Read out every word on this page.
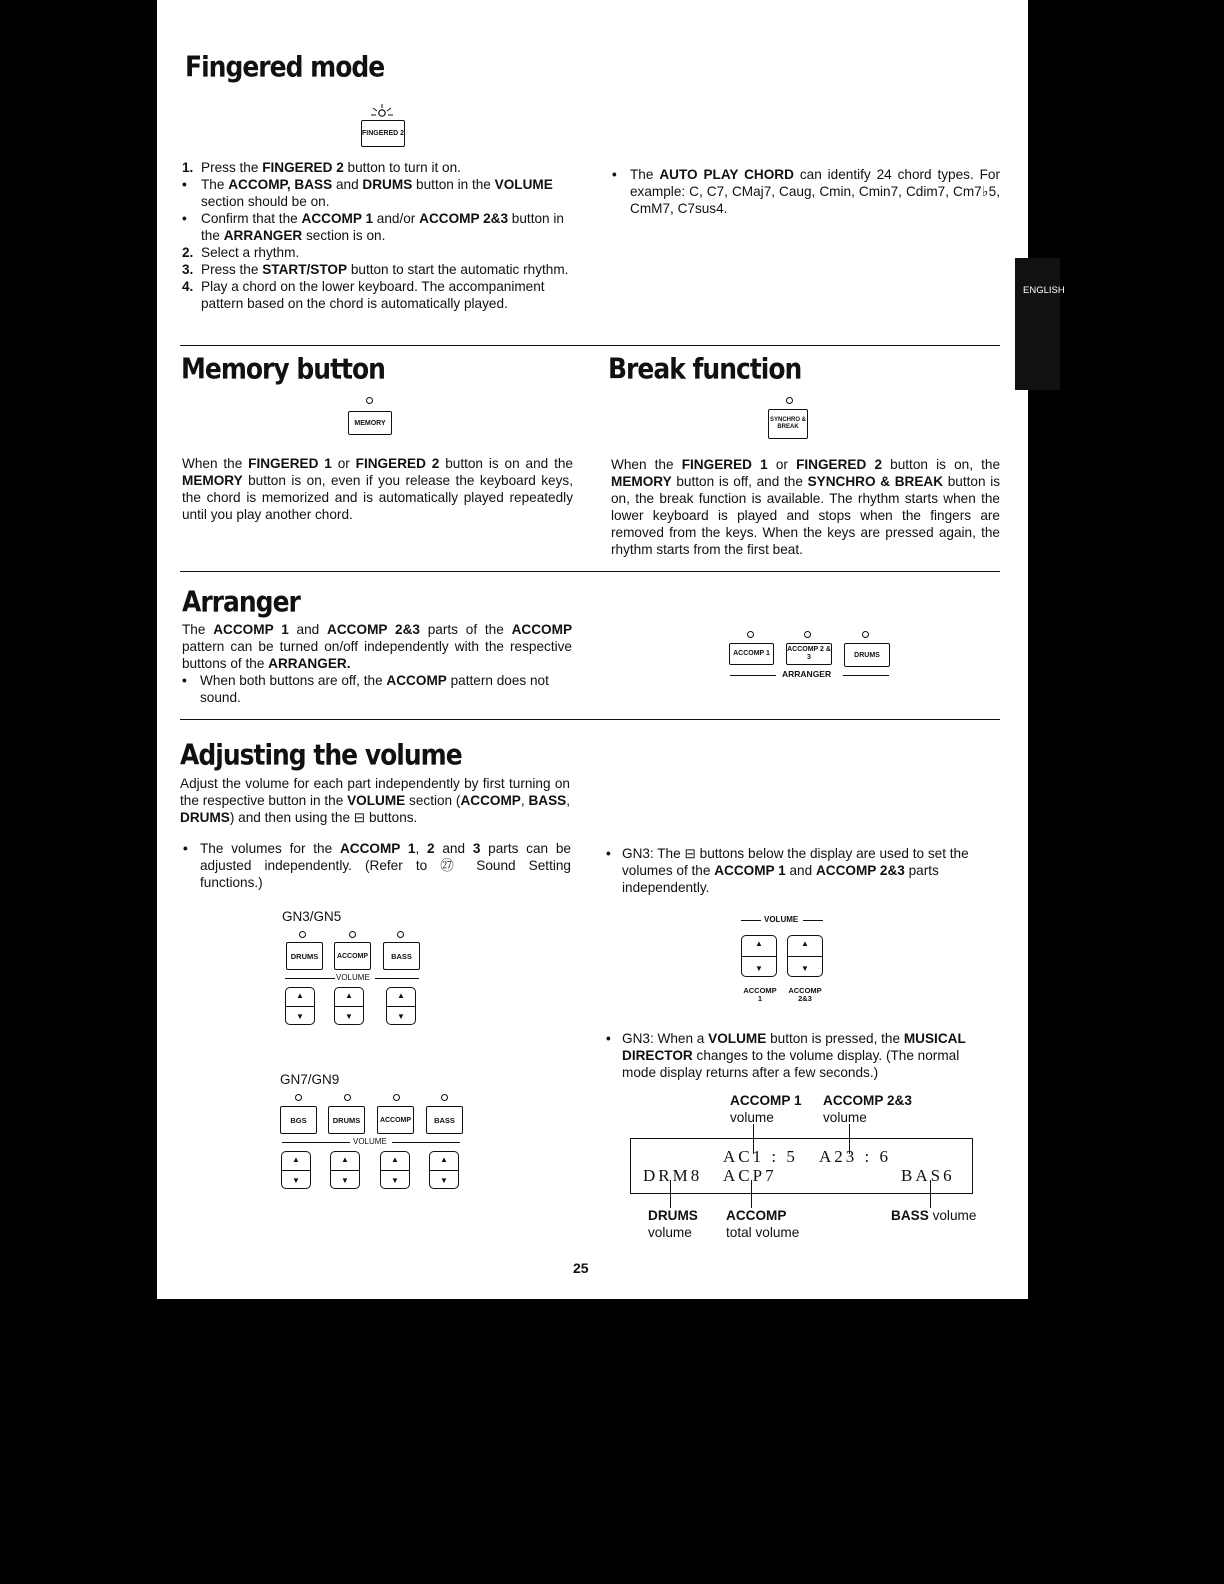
ENGLISH
Fingered mode
FINGERED 2
1. Press the FINGERED 2 button to turn it on.
• The ACCOMP, BASS and DRUMS button in the VOLUME section should be on.
• Confirm that the ACCOMP 1 and/or ACCOMP 2&3 button in the ARRANGER section is on.
2. Select a rhythm.
3. Press the START/STOP button to start the automatic rhythm.
4. Play a chord on the lower keyboard. The accompaniment pattern based on the chord is automatically played.
• The AUTO PLAY CHORD can identify 24 chord types. For example: C, C7, CMaj7, Caug, Cmin, Cmin7, Cdim7, Cm7♭5, CmM7, C7sus4.
Memory button
MEMORY
When the FINGERED 1 or FINGERED 2 button is on and the MEMORY button is on, even if you release the keyboard keys, the chord is memorized and is automatically played repeatedly until you play another chord.
Break function
SYNCHRO & BREAK
When the FINGERED 1 or FINGERED 2 button is on, the MEMORY button is off, and the SYNCHRO & BREAK button is on, the break function is available. The rhythm starts when the lower keyboard is played and stops when the fingers are removed from the keys. When the keys are pressed again, the rhythm starts from the first beat.
Arranger
The ACCOMP 1 and ACCOMP 2&3 parts of the ACCOMP pattern can be turned on/off independently with the respective buttons of the ARRANGER.
• When both buttons are off, the ACCOMP pattern does not sound.
ACCOMP 1
ACCOMP 2 & 3	DRUMS
ARRANGER
Adjusting the volume
Adjust the volume for each part independently by first turning on the respective button in the VOLUME section (ACCOMP, BASS, DRUMS) and then using the ⊟ buttons.
• The volumes for the ACCOMP 1, 2 and 3 parts can be adjusted independently. (Refer to ㉗ Sound Setting functions.)
GN3/GN5
DRUMS	ACCOMP	BASS
VOLUME
▲
▼
▲
▼
▲
▼
GN7/GN9
BGS	DRUMS	ACCOMP	BASS
VOLUME
▲
▼
▲
▼
▲
▼
▲
▼
• GN3: The ⊟ buttons below the display are used to set the volumes of the ACCOMP 1 and ACCOMP 2&3 parts independently.
VOLUME
▲
▼
▲
▼
ACCOMP 1
ACCOMP 2&3
• GN3: When a VOLUME button is pressed, the MUSICAL DIRECTOR changes to the volume display. (The normal mode display returns after a few seconds.)
ACCOMP 1
volume
ACCOMP 2&3
volume
AC1 : 5 A23 : 6
DRM8 ACP7	BAS6
DRUMS
volume
ACCOMP
total volume
BASS volume
25
